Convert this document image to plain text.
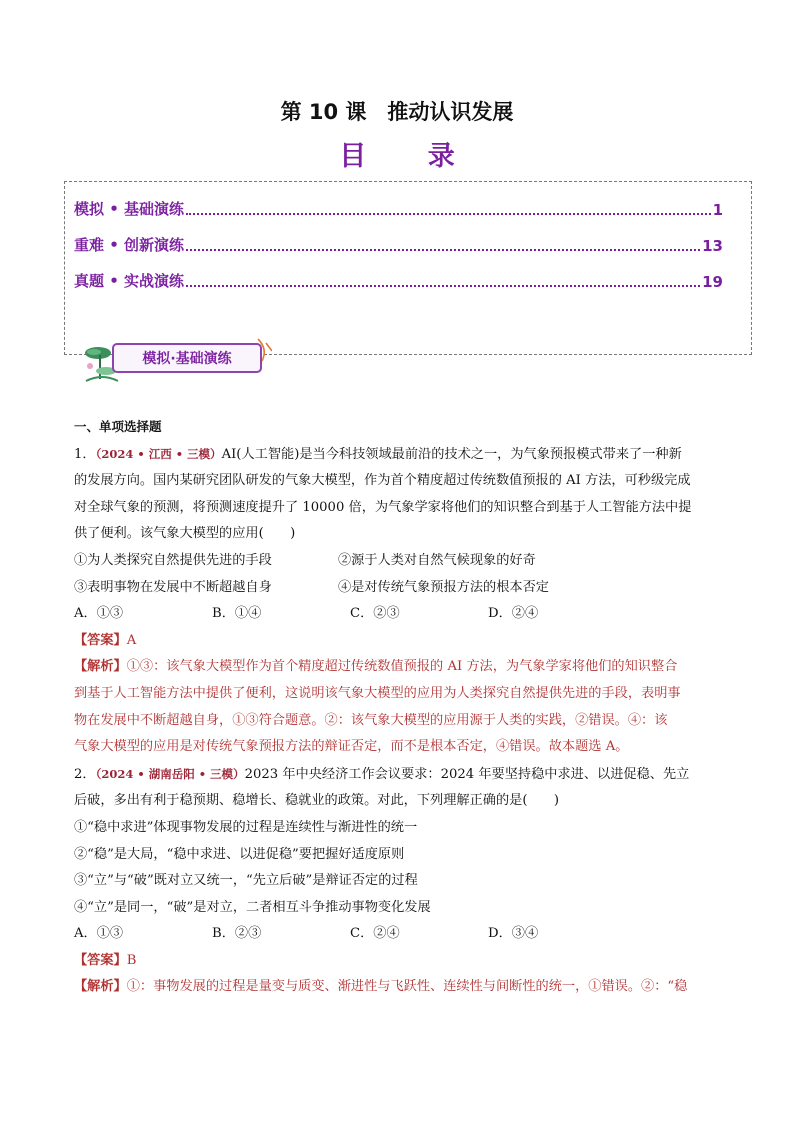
第 10 课　推动认识发展
目 录
模拟 • 基础演练	1
重难 • 创新演练	13
真题 • 实战演练	19
模拟·基础演练

一、单项选择题

1．（2024 • 江西 • 三模）AI(人工智能)是当今科技领域最前沿的技术之一，为气象预报模式带来了一种新

的发展方向。国内某研究团队研发的气象大模型，作为首个精度超过传统数值预报的 AI 方法，可秒级完成

对全球气象的预测，将预测速度提升了 10000 倍，为气象学家将他们的知识整合到基于人工智能方法中提

供了便利。该气象大模型的应用(　　)

①为人类探究自然提供先进的手段	②源于人类对自然气候现象的好奇
③表明事物在发展中不断超越自身	④是对传统气象预报方法的根本否定
A．①③	B．①④	C．②③	D．②④

【答案】A

【解析】①③：该气象大模型作为首个精度超过传统数值预报的 AI 方法，为气象学家将他们的知识整合

到基于人工智能方法中提供了便利，这说明该气象大模型的应用为人类探究自然提供先进的手段，表明事

物在发展中不断超越自身，①③符合题意。②：该气象大模型的应用源于人类的实践，②错误。④：该

气象大模型的应用是对传统气象预报方法的辩证否定，而不是根本否定，④错误。故本题选 A。

2．（2024 • 湖南岳阳 • 三模）2023 年中央经济工作会议要求：2024 年要坚持稳中求进、以进促稳、先立

后破，多出有利于稳预期、稳增长、稳就业的政策。对此，下列理解正确的是(　　)

①“稳中求进”体现事物发展的过程是连续性与渐进性的统一

②“稳”是大局，“稳中求进、以进促稳”要把握好适度原则

③“立”与“破”既对立又统一，“先立后破”是辩证否定的过程

④“立”是同一，“破”是对立，二者相互斗争推动事物变化发展

A．①③	B．②③	C．②④	D．③④

【答案】B

【解析】①：事物发展的过程是量变与质变、渐进性与飞跃性、连续性与间断性的统一，①错误。②：“稳
